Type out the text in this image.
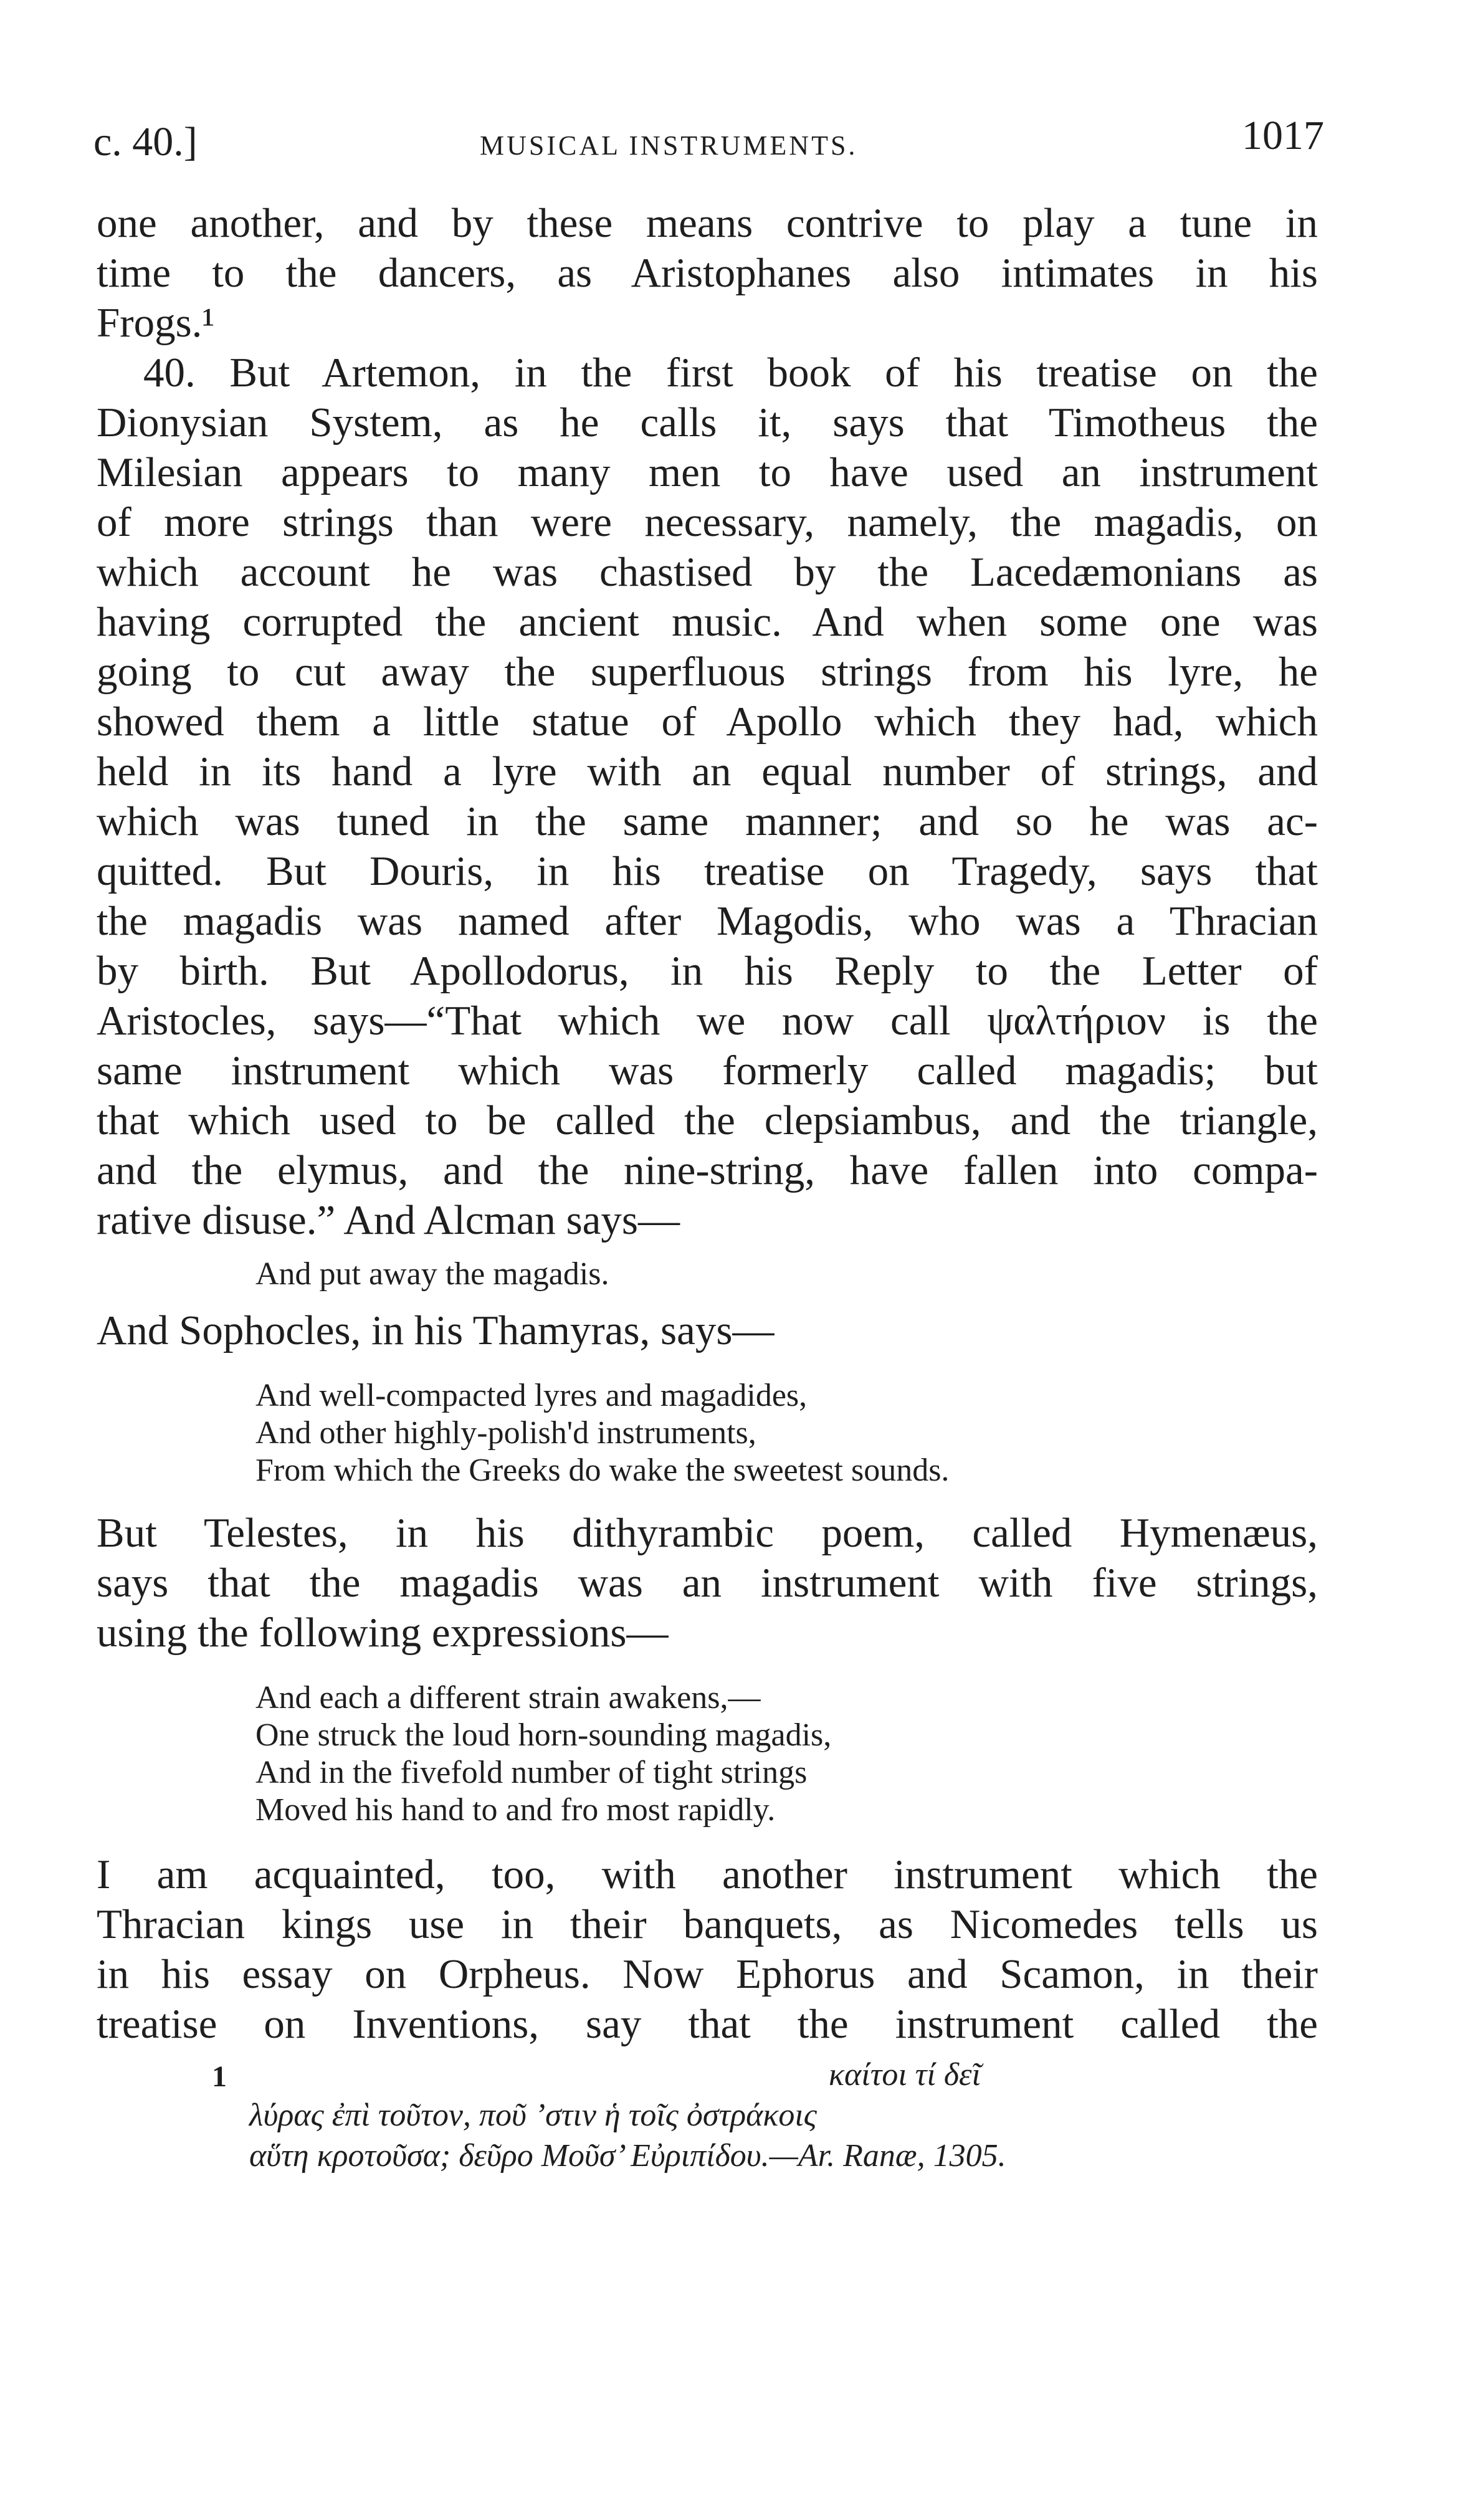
c. 40.]	MUSICAL INSTRUMENTS.	1017
one another, and by these means contrive to play a tune in
time to the dancers, as Aristophanes also intimates in his
Frogs.¹
40. But Artemon, in the first book of his treatise on the
Dionysian System, as he calls it, says that Timotheus the
Milesian appears to many men to have used an instrument
of more strings than were necessary, namely, the magadis, on
which account he was chastised by the Lacedæmonians as
having corrupted the ancient music. And when some one was
going to cut away the superfluous strings from his lyre, he
showed them a little statue of Apollo which they had, which
held in its hand a lyre with an equal number of strings, and
which was tuned in the same manner; and so he was ac-
quitted. But Douris, in his treatise on Tragedy, says that
the magadis was named after Magodis, who was a Thracian
by birth. But Apollodorus, in his Reply to the Letter of
Aristocles, says—“That which we now call ψαλτήριον is the
same instrument which was formerly called magadis; but
that which used to be called the clepsiambus, and the triangle,
and the elymus, and the nine-string, have fallen into compa-
rative disuse.” And Alcman says—
And put away the magadis.
And Sophocles, in his Thamyras, says—
And well-compacted lyres and magadides,
And other highly-polish'd instruments,
From which the Greeks do wake the sweetest sounds.
But Telestes, in his dithyrambic poem, called Hymenæus,
says that the magadis was an instrument with five strings,
using the following expressions—
And each a different strain awakens,—
One struck the loud horn-sounding magadis,
And in the fivefold number of tight strings
Moved his hand to and fro most rapidly.
I am acquainted, too, with another instrument which the
Thracian kings use in their banquets, as Nicomedes tells us
in his essay on Orpheus. Now Ephorus and Scamon, in their
treatise on Inventions, say that the instrument called the
1	καίτοι τί δεῖ
λύρας ἐπὶ τοῦτον, ποῦ ’στιν ἡ τοῖς ὀστράκοις
αὕτη κροτοῦσα; δεῦρο Μοῦσ’ Εὐριπίδου.—Ar. Ranæ, 1305.
